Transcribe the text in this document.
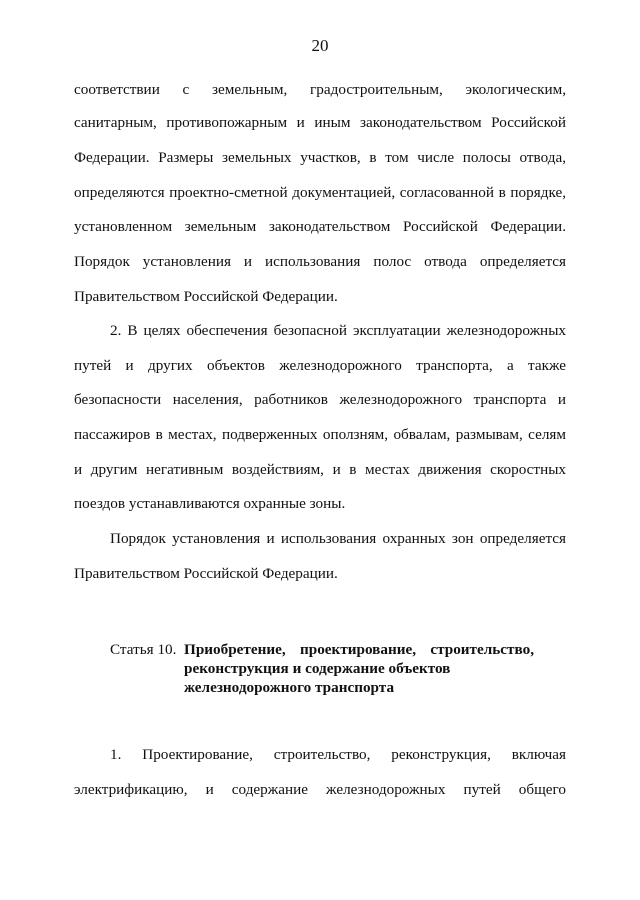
20
соответствии с земельным, градостроительным, экологическим,
санитарным, противопожарным и иным законодательством Российской
Федерации. Размеры земельных участков, в том числе полосы отвода,
определяются проектно-сметной документацией, согласованной в порядке,
установленном земельным законодательством Российской Федерации.
Порядок установления и использования полос отвода определяется
Правительством Российской Федерации.
2. В целях обеспечения безопасной эксплуатации железнодорожных
путей и других объектов железнодорожного транспорта, а также
безопасности населения, работников железнодорожного транспорта и
пассажиров в местах, подверженных оползням, обвалам, размывам, селям
и другим негативным воздействиям, и в местах движения скоростных
поездов устанавливаются охранные зоны.
Порядок установления и использования охранных зон определяется
Правительством Российской Федерации.
Статья 10. Приобретение, проектирование, строительство,
реконструкция и содержание объектов
железнодорожного транспорта
1. Проектирование, строительство, реконструкция, включая
электрификацию, и содержание железнодорожных путей общего
